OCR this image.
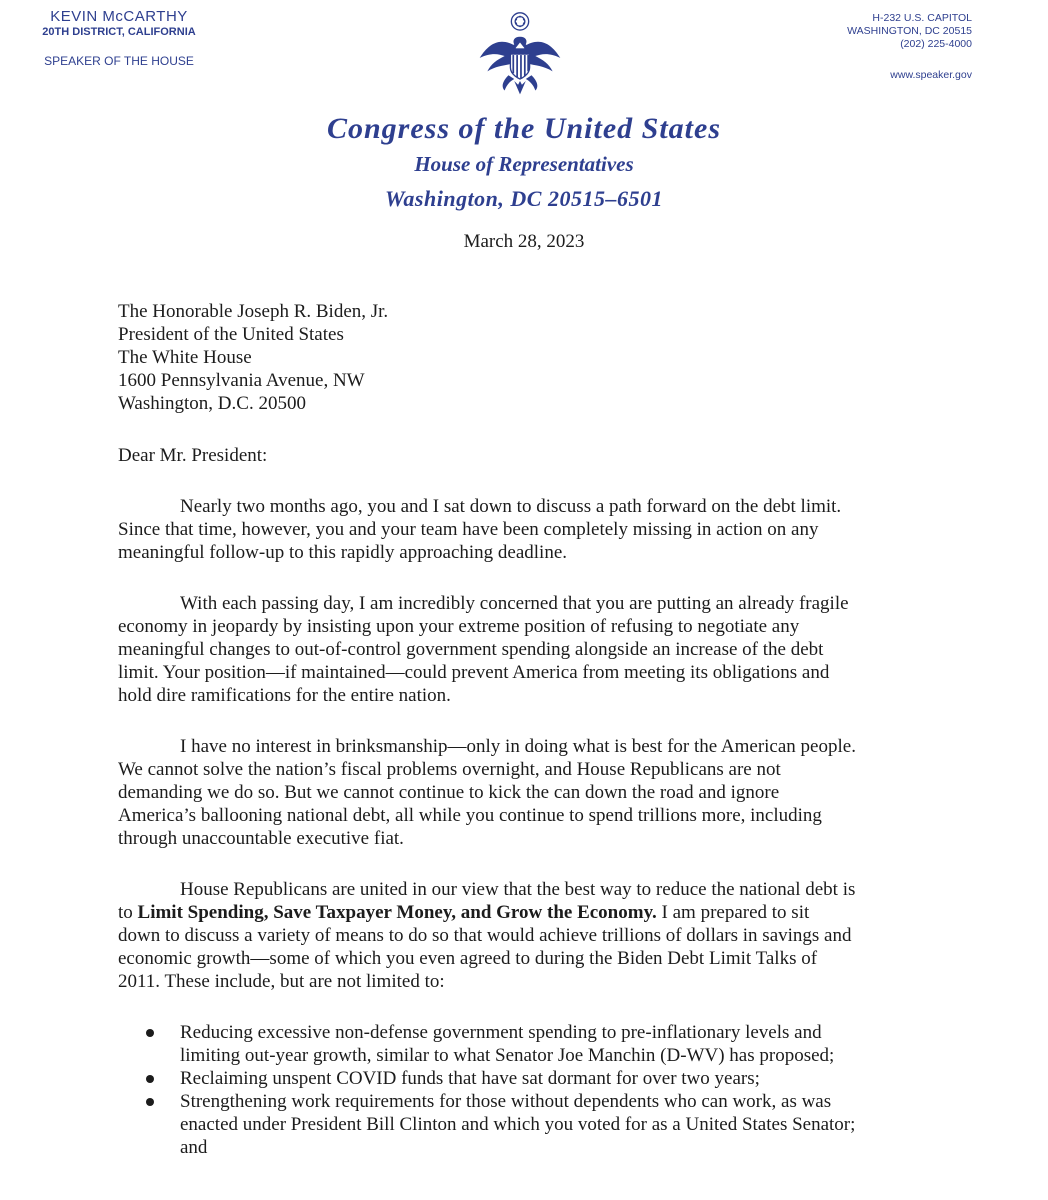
KEVIN McCARTHY
20TH DISTRICT, CALIFORNIA
SPEAKER OF THE HOUSE
H-232 U.S. CAPITOL
WASHINGTON, DC 20515
(202) 225-4000
www.speaker.gov
Congress of the United States
House of Representatives
Washington, DC 20515–6501
March 28, 2023
The Honorable Joseph R. Biden, Jr.
President of the United States
The White House
1600 Pennsylvania Avenue, NW
Washington, D.C. 20500
Dear Mr. President:
Nearly two months ago, you and I sat down to discuss a path forward on the debt limit.
Since that time, however, you and your team have been completely missing in action on any
meaningful follow-up to this rapidly approaching deadline.
With each passing day, I am incredibly concerned that you are putting an already fragile
economy in jeopardy by insisting upon your extreme position of refusing to negotiate any
meaningful changes to out-of-control government spending alongside an increase of the debt
limit. Your position—if maintained—could prevent America from meeting its obligations and
hold dire ramifications for the entire nation.
I have no interest in brinksmanship—only in doing what is best for the American people.
We cannot solve the nation’s fiscal problems overnight, and House Republicans are not
demanding we do so. But we cannot continue to kick the can down the road and ignore
America’s ballooning national debt, all while you continue to spend trillions more, including
through unaccountable executive fiat.
House Republicans are united in our view that the best way to reduce the national debt is
to Limit Spending, Save Taxpayer Money, and Grow the Economy. I am prepared to sit
down to discuss a variety of means to do so that would achieve trillions of dollars in savings and
economic growth—some of which you even agreed to during the Biden Debt Limit Talks of
2011. These include, but are not limited to:
Reducing excessive non-defense government spending to pre-inflationary levels and
limiting out-year growth, similar to what Senator Joe Manchin (D-WV) has proposed;
Reclaiming unspent COVID funds that have sat dormant for over two years;
Strengthening work requirements for those without dependents who can work, as was
enacted under President Bill Clinton and which you voted for as a United States Senator;
and
